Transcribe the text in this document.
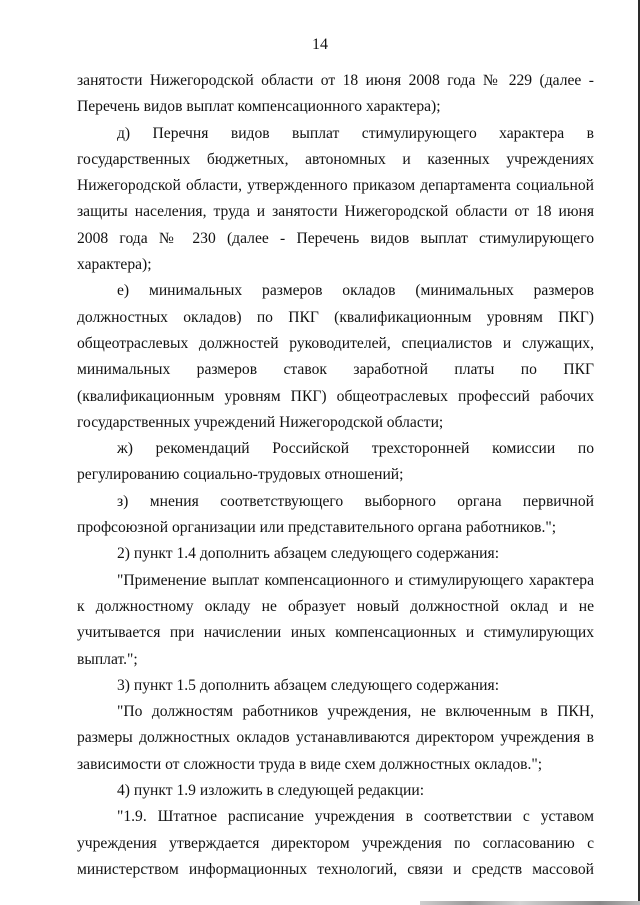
14

занятости Нижегородской области от 18 июня 2008 года № 229 (далее - Перечень видов выплат компенсационного характера);

д) Перечня видов выплат стимулирующего характера в государственных бюджетных, автономных и казенных учреждениях Нижегородской области, утвержденного приказом департамента социальной защиты населения, труда и занятости Нижегородской области от 18 июня 2008 года № 230 (далее - Перечень видов выплат стимулирующего характера);

е) минимальных размеров окладов (минимальных размеров должностных окладов) по ПКГ (квалификационным уровням ПКГ) общеотраслевых должностей руководителей, специалистов и служащих, минимальных размеров ставок заработной платы по ПКГ (квалификационным уровням ПКГ) общеотраслевых профессий рабочих государственных учреждений Нижегородской области;

ж) рекомендаций Российской трехсторонней комиссии по регулированию социально-трудовых отношений;

з) мнения соответствующего выборного органа первичной профсоюзной организации или представительного органа работников.";

2) пункт 1.4 дополнить абзацем следующего содержания:

"Применение выплат компенсационного и стимулирующего характера к должностному окладу не образует новый должностной оклад и не учитывается при начислении иных компенсационных и стимулирующих выплат.";

3) пункт 1.5 дополнить абзацем следующего содержания:

"По должностям работников учреждения, не включенным в ПКН, размеры должностных окладов устанавливаются директором учреждения в зависимости от сложности труда в виде схем должностных окладов.";

4) пункт 1.9 изложить в следующей редакции:

"1.9. Штатное расписание учреждения в соответствии с уставом учреждения утверждается директором учреждения по согласованию с министерством информационных технологий, связи и средств массовой
